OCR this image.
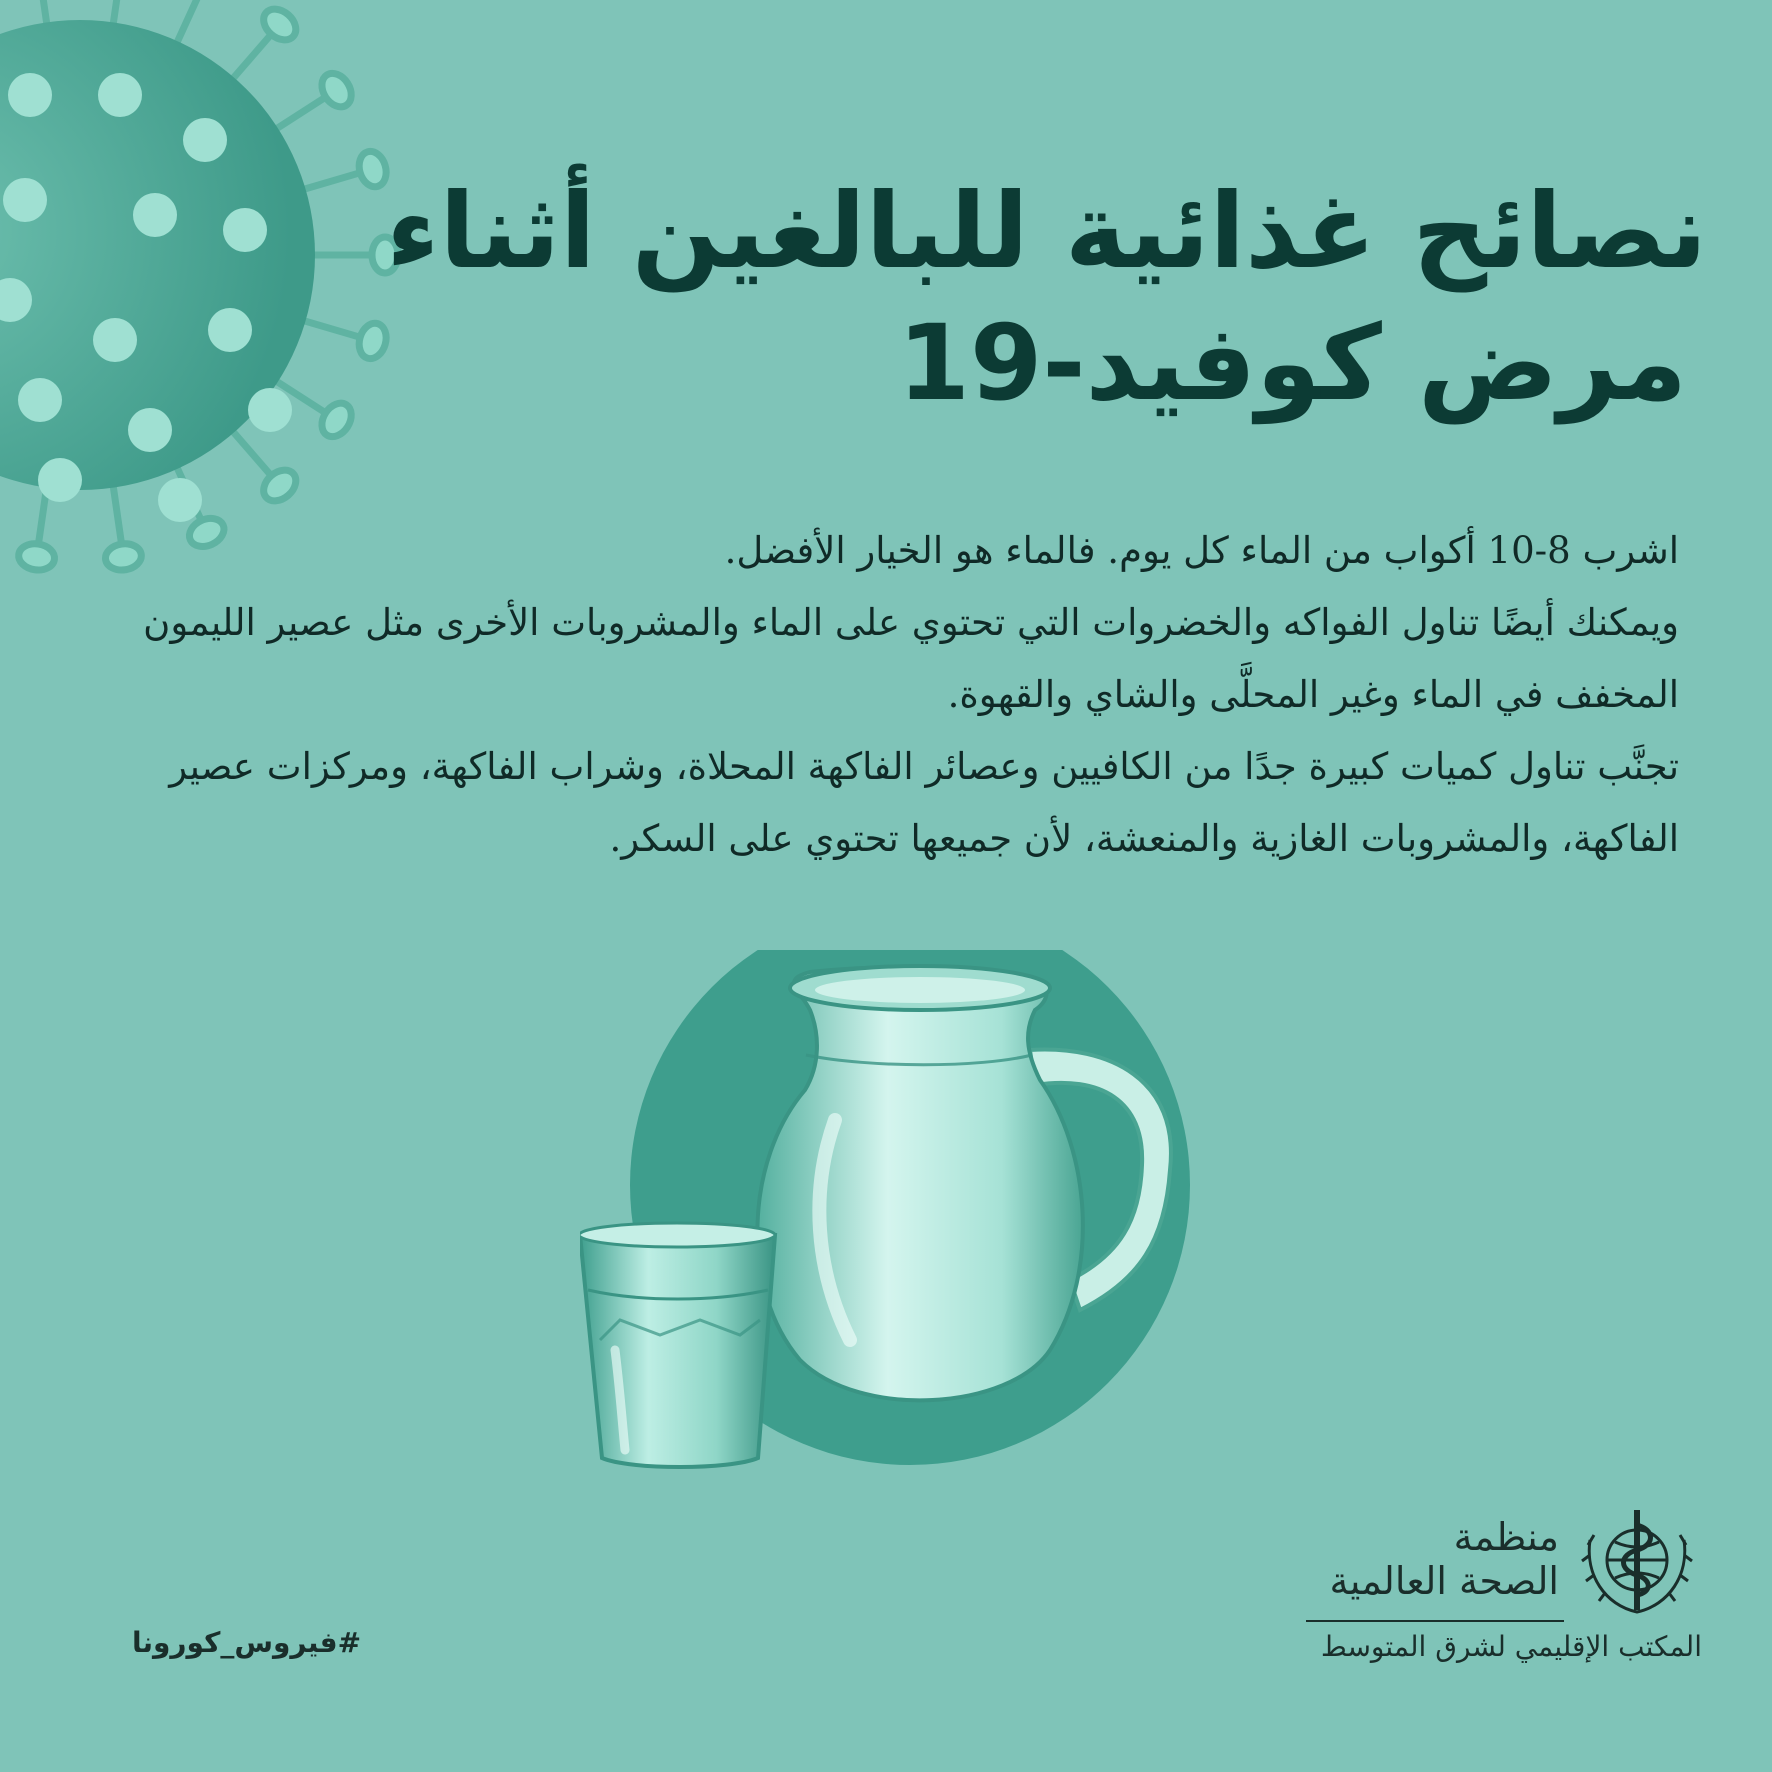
نصائح غذائية للبالغين أثناء
مرض كوفيد-19

اشرب 8-10 أكواب من الماء كل يوم. فالماء هو الخيار الأفضل.

ويمكنك أيضًا تناول الفواكه والخضروات التي تحتوي على الماء والمشروبات الأخرى مثل عصير الليمون المخفف في الماء وغير المحلَّى والشاي والقهوة.

تجنَّب تناول كميات كبيرة جدًا من الكافيين وعصائر الفاكهة المحلاة، وشراب الفاكهة، ومركزات عصير الفاكهة، والمشروبات الغازية والمنعشة، لأن جميعها تحتوي على السكر.

منظمة
الصحة العالمية
المكتب الإقليمي لشرق المتوسط
#فيروس_كورونا
